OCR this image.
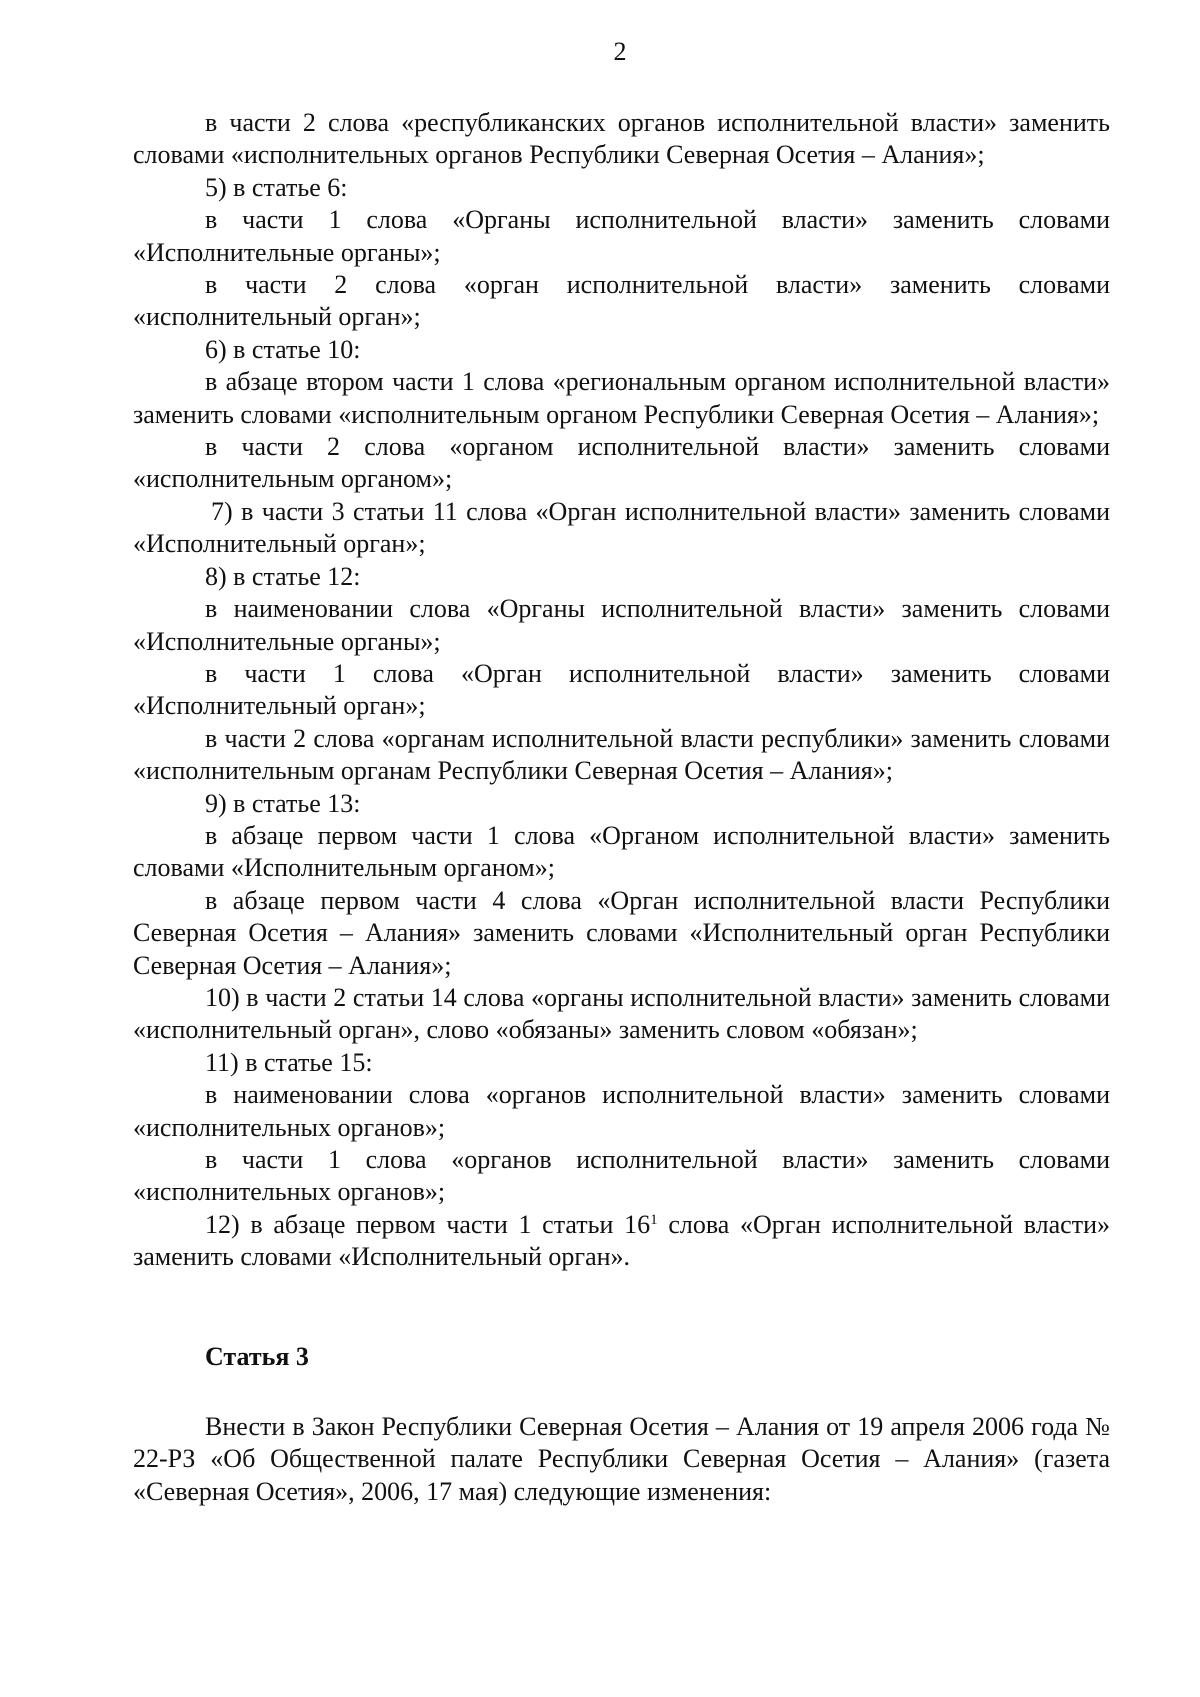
2

в части 2 слова «республиканских органов исполнительной власти» заменить словами «исполнительных органов Республики Северная Осетия – Алания»;

5) в статье 6:

в части 1 слова «Органы исполнительной власти» заменить словами «Исполнительные органы»;

в части 2 слова «орган исполнительной власти» заменить словами «исполнительный орган»;

6) в статье 10:

в абзаце втором части 1 слова «региональным органом исполнительной власти» заменить словами «исполнительным органом Республики Северная Осетия – Алания»;

в части 2 слова «органом исполнительной власти» заменить словами «исполнительным органом»;

7) в части 3 статьи 11 слова «Орган исполнительной власти» заменить словами «Исполнительный орган»;

8) в статье 12:

в наименовании слова «Органы исполнительной власти» заменить словами «Исполнительные органы»;

в части 1 слова «Орган исполнительной власти» заменить словами «Исполнительный орган»;

в части 2 слова «органам исполнительной власти республики» заменить словами «исполнительным органам Республики Северная Осетия – Алания»;

9) в статье 13:

в абзаце первом части 1 слова «Органом исполнительной власти» заменить словами «Исполнительным органом»;

в абзаце первом части 4 слова «Орган исполнительной власти Республики Северная Осетия – Алания» заменить словами «Исполнительный орган Республики Северная Осетия – Алания»;

10) в части 2 статьи 14 слова «органы исполнительной власти» заменить словами «исполнительный орган», слово «обязаны» заменить словом «обязан»;

11) в статье 15:

в наименовании слова «органов исполнительной власти» заменить словами «исполнительных органов»;

в части 1 слова «органов исполнительной власти» заменить словами «исполнительных органов»;

12) в абзаце первом части 1 статьи $16^1$ слова «Орган исполнительной власти» заменить словами «Исполнительный орган».

Статья 3

Внести в Закон Республики Северная Осетия – Алания от 19 апреля 2006 года № 22-РЗ «Об Общественной палате Республики Северная Осетия – Алания» (газета «Северная Осетия», 2006, 17 мая) следующие изменения:
